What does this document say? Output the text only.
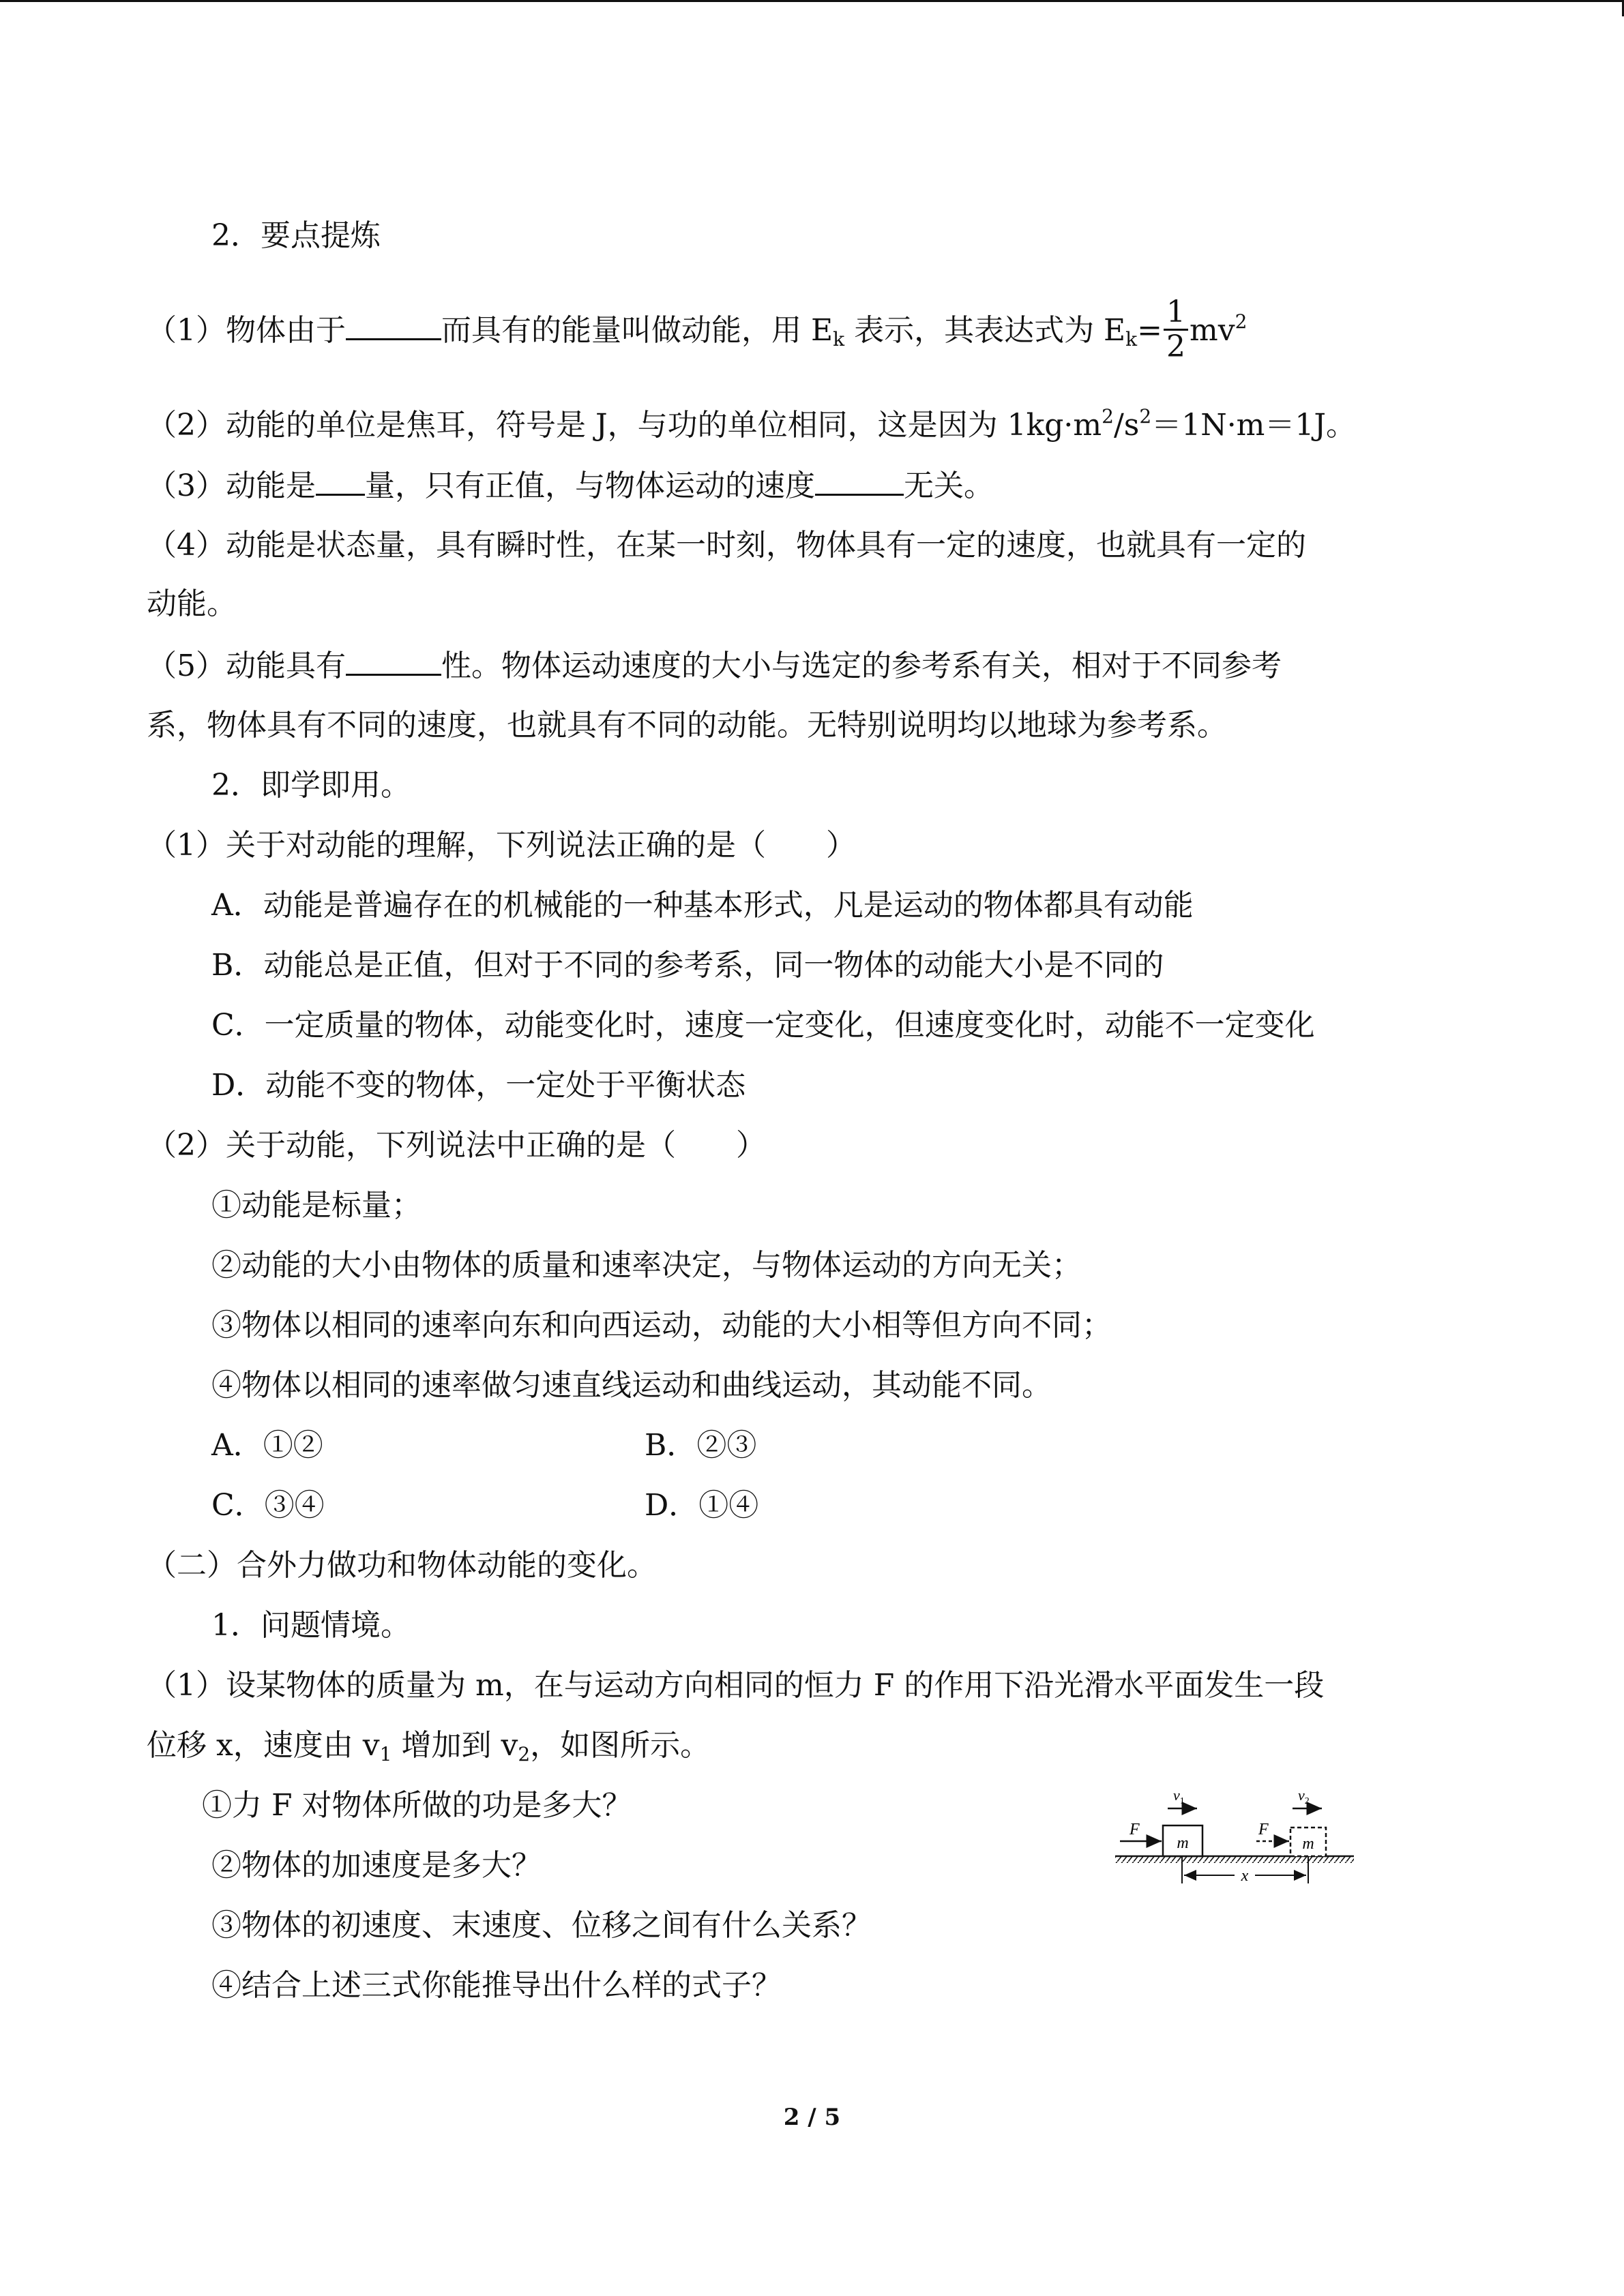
2．要点提炼
（1）物体由于	而具有的能量叫做动能，用 $E_k$ 表示，其表达式为 $E_k= \frac{1}{2} mv^2$
（2）动能的单位是焦耳，符号是 J，与功的单位相同，这是因为 $1kg\cdot m^2/s^2=1N\cdot m=1J$。
（3）动能是 量，只有正值，与物体运动的速度	无关。
（4）动能是状态量，具有瞬时性，在某一时刻，物体具有一定的速度，也就具有一定的
动能。
（5）动能具有	性。物体运动速度的大小与选定的参考系有关，相对于不同参考
系，物体具有不同的速度，也就具有不同的动能。无特别说明均以地球为参考系。
2．即学即用。
（1）关于对动能的理解，下列说法正确的是（　　）
A．动能是普遍存在的机械能的一种基本形式，凡是运动的物体都具有动能
B．动能总是正值，但对于不同的参考系，同一物体的动能大小是不同的
C．一定质量的物体，动能变化时，速度一定变化，但速度变化时，动能不一定变化
D．动能不变的物体，一定处于平衡状态
（2）关于动能，下列说法中正确的是（　　）
①动能是标量；
②动能的大小由物体的质量和速率决定，与物体运动的方向无关；
③物体以相同的速率向东和向西运动，动能的大小相等但方向不同；
④物体以相同的速率做匀速直线运动和曲线运动，其动能不同。
A．①②	B．②③
C．③④	D．①④
（二）合外力做功和物体动能的变化。
1．问题情境。
（1）设某物体的质量为 m，在与运动方向相同的恒力 F 的作用下沿光滑水平面发生一段
位移 x，速度由 $v_1$ 增加到 $v_2$，如图所示。
①力 F 对物体所做的功是多大？
②物体的加速度是多大？
③物体的初速度、末速度、位移之间有什么关系？
④结合上述三式你能推导出什么样的式子？
m	m
F	F
$v_1$	$v_2$
x
2 / 5
